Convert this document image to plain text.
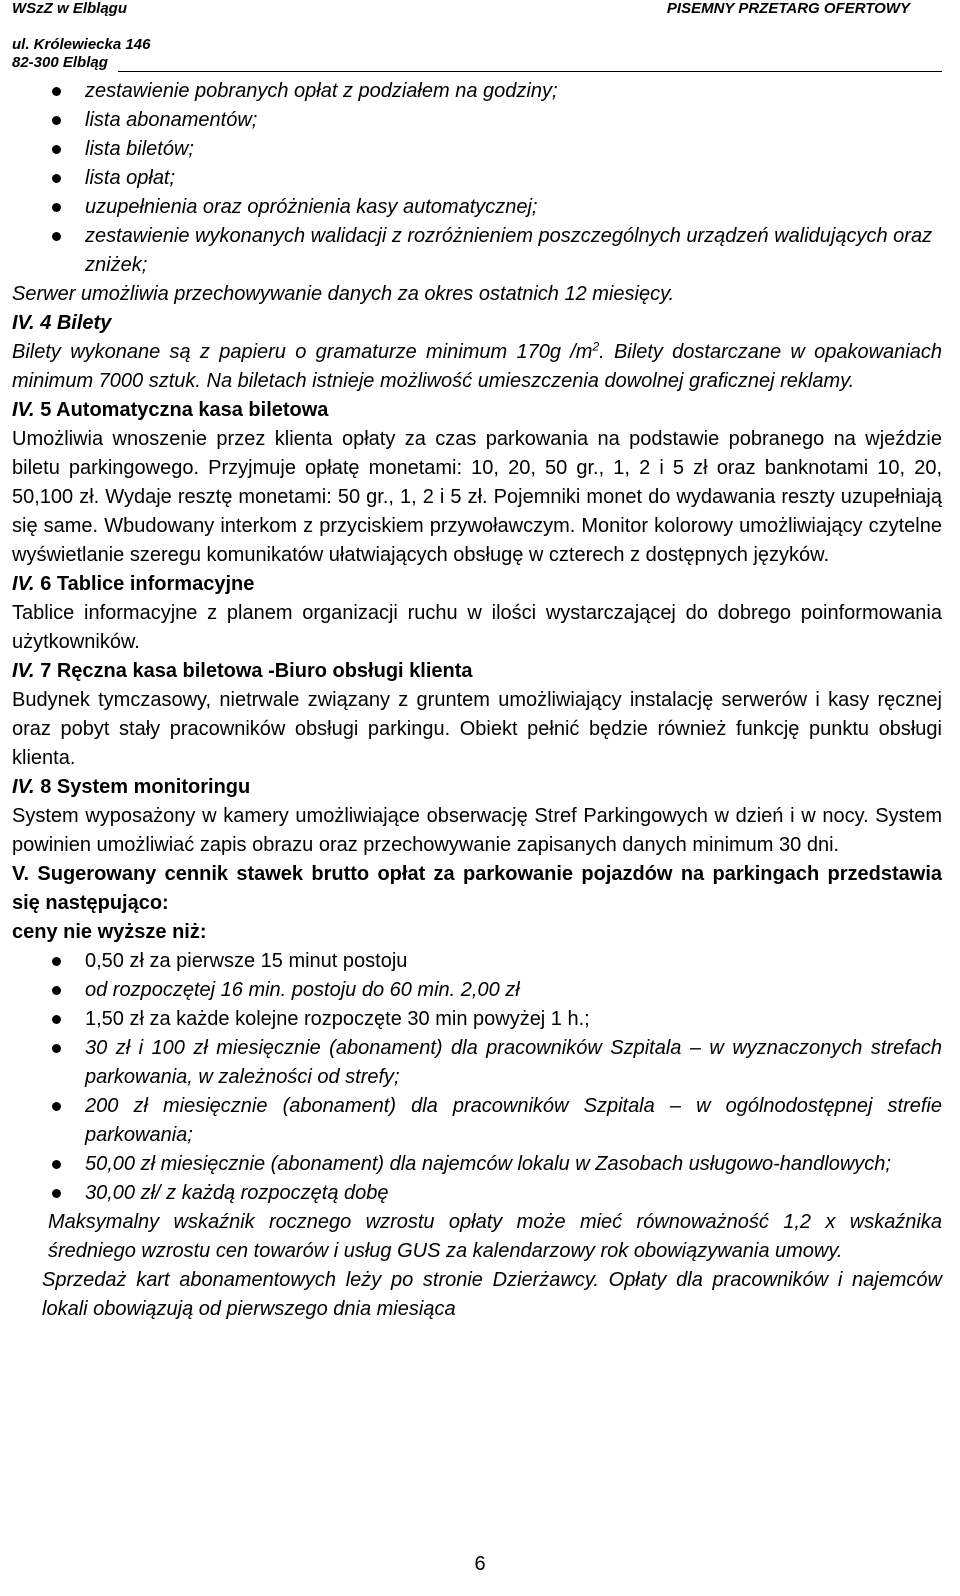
WSzZ w Elblągu	PISEMNY PRZETARG OFERTOWY
ul. Królewiecka 146
82-300 Elbląg
zestawienie pobranych opłat z podziałem na godziny;
lista abonamentów;
lista biletów;
lista opłat;
uzupełnienia oraz opróżnienia kasy automatycznej;
zestawienie wykonanych walidacji z rozróżnieniem poszczególnych urządzeń walidujących oraz zniżek;

Serwer umożliwia przechowywanie danych za okres ostatnich 12 miesięcy.

IV. 4 Bilety

Bilety wykonane są z papieru o gramaturze minimum 170g $/m^2$. Bilety dostarczane w opakowaniach minimum 7000 sztuk. Na biletach istnieje możliwość umieszczenia dowolnej graficznej reklamy.

IV. 5 Automatyczna kasa biletowa

Umożliwia wnoszenie przez klienta opłaty za czas parkowania na podstawie pobranego na wjeździe biletu parkingowego. Przyjmuje opłatę monetami: 10, 20, 50 gr., 1, 2 i 5 zł oraz banknotami 10, 20, 50,100 zł. Wydaje resztę monetami: 50 gr., 1, 2 i 5 zł. Pojemniki monet do wydawania reszty uzupełniają się same. Wbudowany interkom z przyciskiem przywoławczym. Monitor kolorowy umożliwiający czytelne wyświetlanie szeregu komunikatów ułatwiających obsługę w czterech z dostępnych języków.

IV. 6 Tablice informacyjne

Tablice informacyjne z planem organizacji ruchu w ilości wystarczającej do dobrego poinformowania użytkowników.

IV. 7 Ręczna kasa biletowa -Biuro obsługi klienta

Budynek tymczasowy, nietrwale związany z gruntem umożliwiający instalację serwerów i kasy ręcznej oraz pobyt stały pracowników obsługi parkingu. Obiekt pełnić będzie również funkcję punktu obsługi klienta.

IV. 8 System monitoringu

System wyposażony w kamery umożliwiające obserwację Stref Parkingowych w dzień i w nocy. System powinien umożliwiać zapis obrazu oraz przechowywanie zapisanych danych minimum 30 dni.

V. Sugerowany cennik stawek brutto opłat za parkowanie pojazdów na parkingach przedstawia się następująco:

ceny nie wyższe niż:

0,50 zł za pierwsze 15 minut postoju
od rozpoczętej 16 min. postoju do 60 min. 2,00 zł
1,50 zł za każde kolejne rozpoczęte 30 min powyżej 1 h.;
30 zł i 100 zł miesięcznie (abonament) dla pracowników Szpitala – w wyznaczonych strefach parkowania, w zależności od strefy;
200 zł miesięcznie (abonament) dla pracowników Szpitala – w ogólnodostępnej strefie parkowania;
50,00 zł miesięcznie (abonament) dla najemców lokalu w Zasobach usługowo-handlowych;
30,00 zł/ z każdą rozpoczętą dobę

Maksymalny wskaźnik rocznego wzrostu opłaty może mieć równoważność 1,2 x wskaźnika średniego wzrostu cen towarów i usług GUS za kalendarzowy rok obowiązywania umowy.

Sprzedaż kart abonamentowych leży po stronie Dzierżawcy. Opłaty dla pracowników i najemców lokali obowiązują od pierwszego dnia miesiąca

6
